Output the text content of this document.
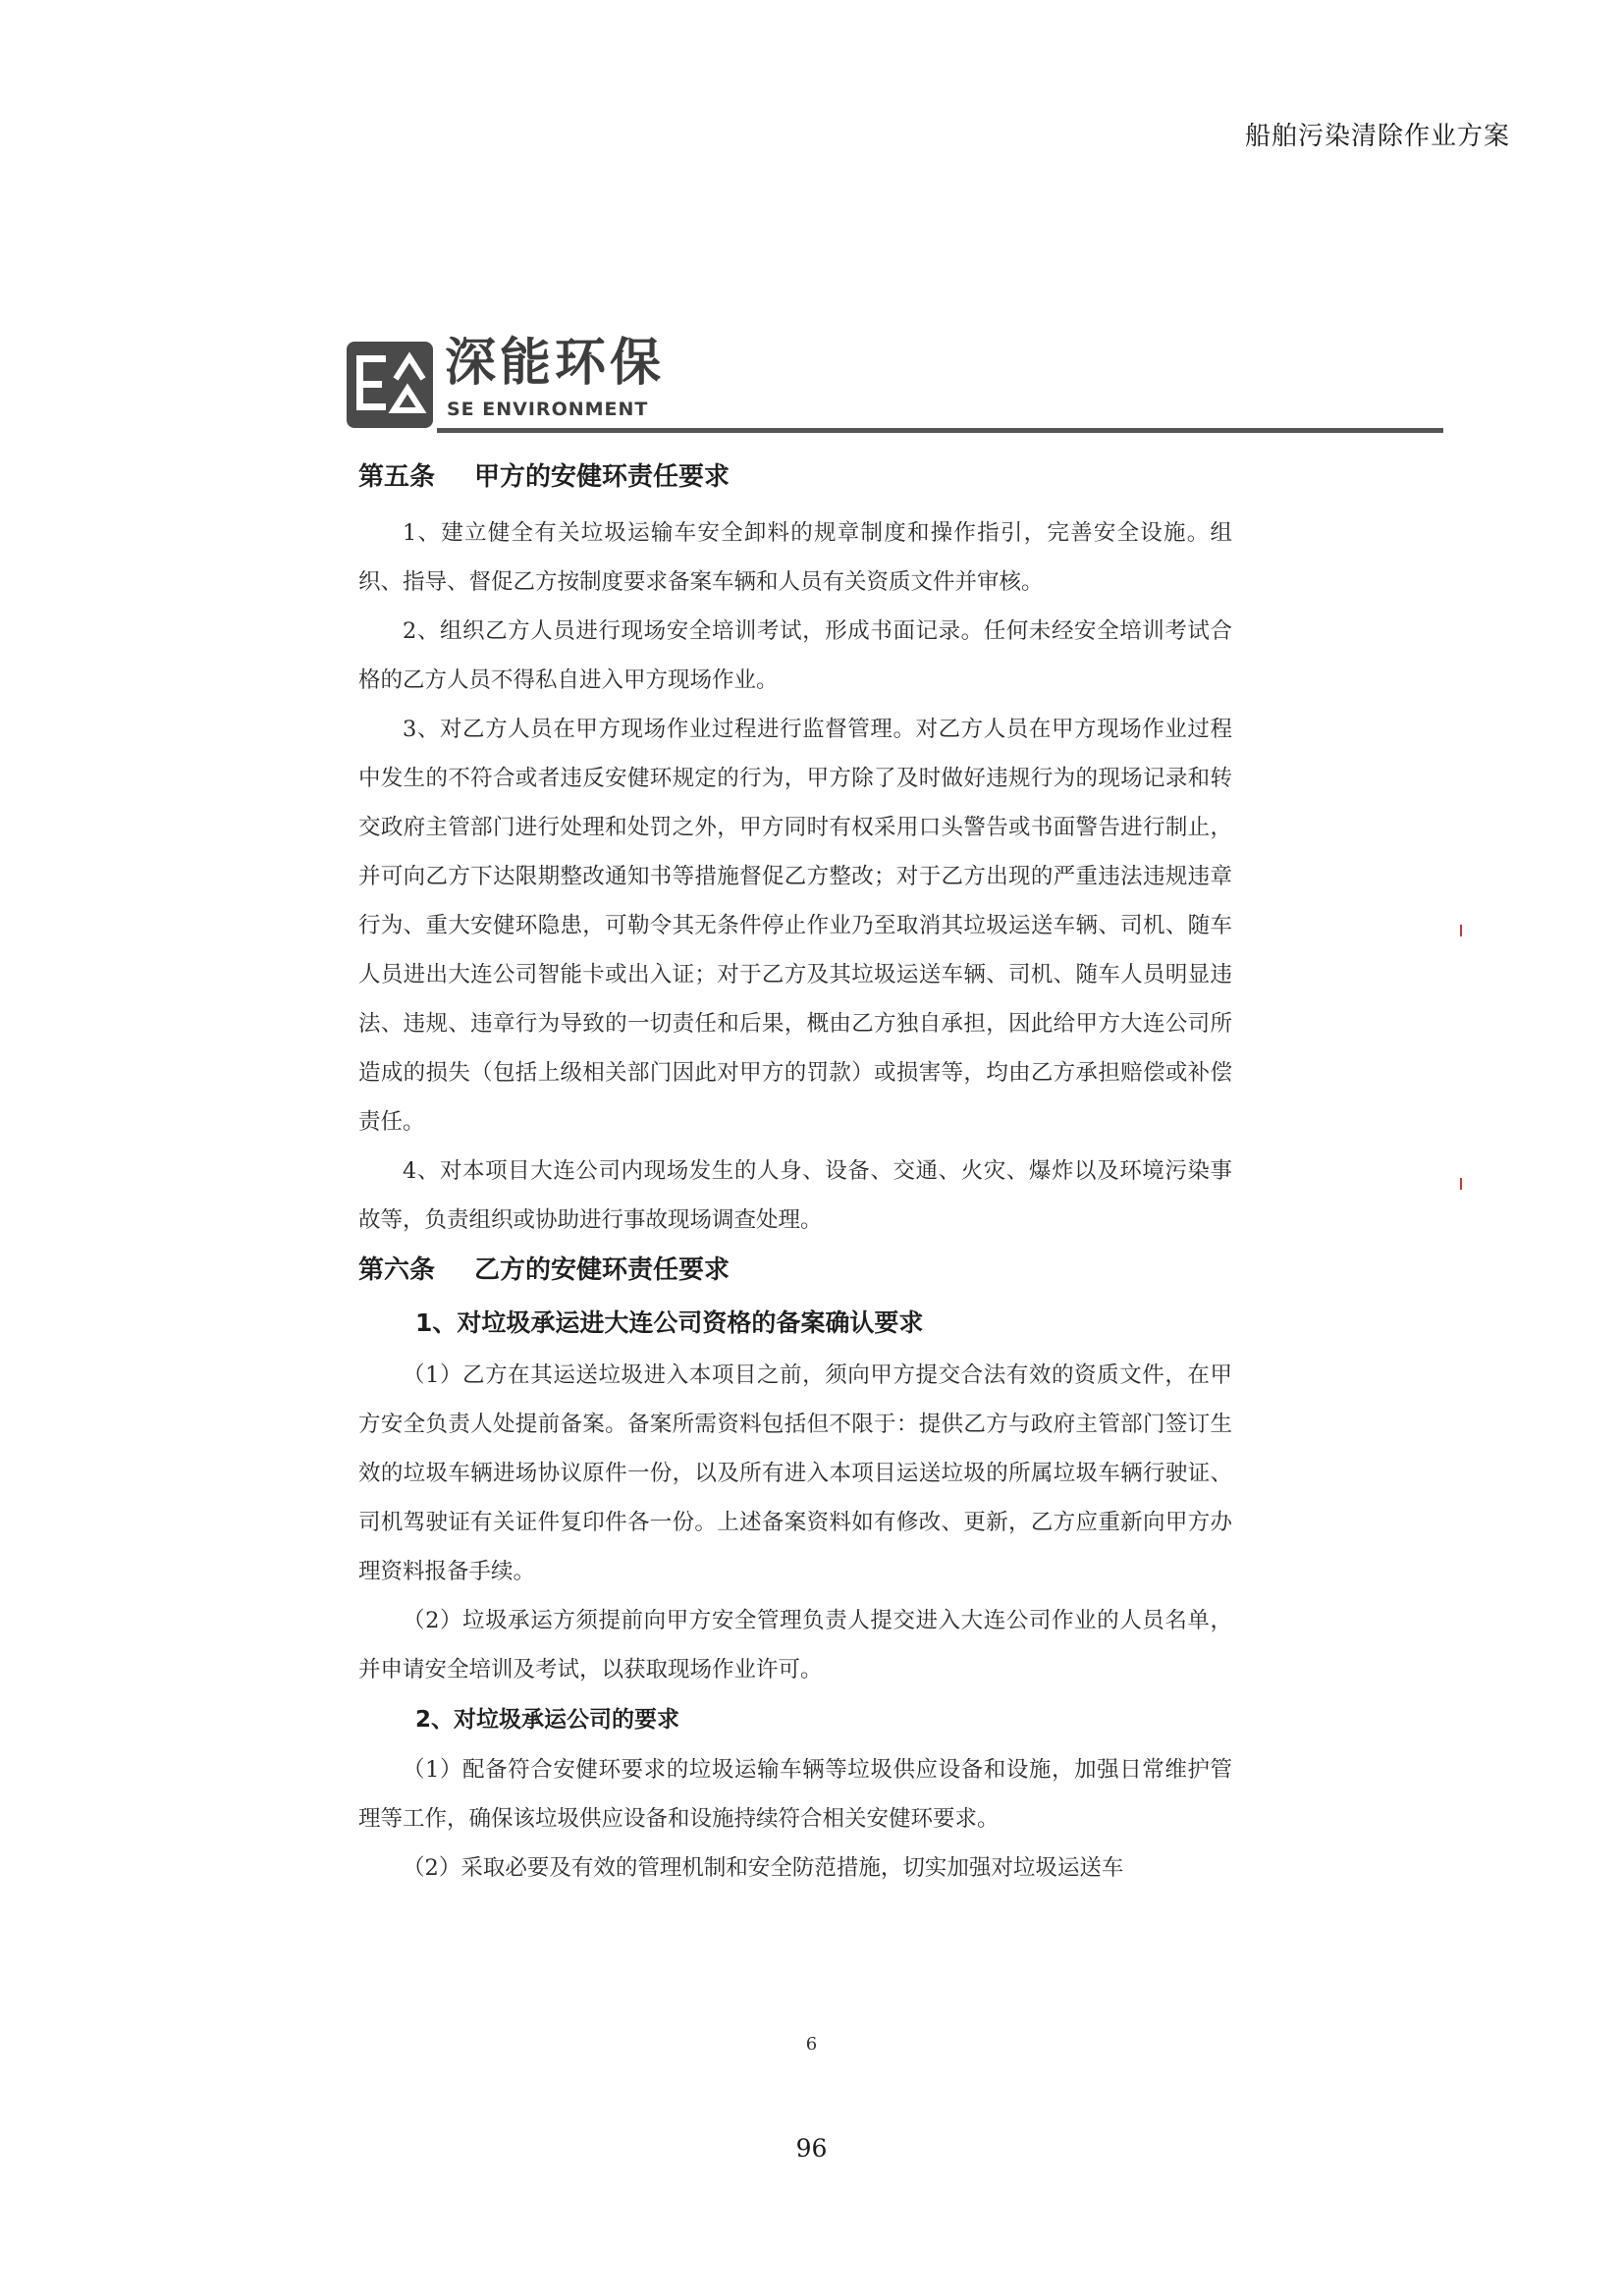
船舶污染清除作业方案
深能环保
SE ENVIRONMENT
第五条 甲方的安健环责任要求

1、建立健全有关垃圾运输车安全卸料的规章制度和操作指引，完善安全设施。组织、指导、督促乙方按制度要求备案车辆和人员有关资质文件并审核。

2、组织乙方人员进行现场安全培训考试，形成书面记录。任何未经安全培训考试合格的乙方人员不得私自进入甲方现场作业。

3、对乙方人员在甲方现场作业过程进行监督管理。对乙方人员在甲方现场作业过程中发生的不符合或者违反安健环规定的行为，甲方除了及时做好违规行为的现场记录和转交政府主管部门进行处理和处罚之外，甲方同时有权采用口头警告或书面警告进行制止，并可向乙方下达限期整改通知书等措施督促乙方整改；对于乙方出现的严重违法违规违章行为、重大安健环隐患，可勒令其无条件停止作业乃至取消其垃圾运送车辆、司机、随车人员进出大连公司智能卡或出入证；对于乙方及其垃圾运送车辆、司机、随车人员明显违法、违规、违章行为导致的一切责任和后果，概由乙方独自承担，因此给甲方大连公司所造成的损失（包括上级相关部门因此对甲方的罚款）或损害等，均由乙方承担赔偿或补偿责任。

4、对本项目大连公司内现场发生的人身、设备、交通、火灾、爆炸以及环境污染事故等，负责组织或协助进行事故现场调查处理。

第六条 乙方的安健环责任要求
1、对垃圾承运进大连公司资格的备案确认要求

（1）乙方在其运送垃圾进入本项目之前，须向甲方提交合法有效的资质文件，在甲方安全负责人处提前备案。备案所需资料包括但不限于：提供乙方与政府主管部门签订生效的垃圾车辆进场协议原件一份，以及所有进入本项目运送垃圾的所属垃圾车辆行驶证、司机驾驶证有关证件复印件各一份。上述备案资料如有修改、更新，乙方应重新向甲方办理资料报备手续。

（2）垃圾承运方须提前向甲方安全管理负责人提交进入大连公司作业的人员名单，并申请安全培训及考试，以获取现场作业许可。

2、对垃圾承运公司的要求

（1）配备符合安健环要求的垃圾运输车辆等垃圾供应设备和设施，加强日常维护管理等工作，确保该垃圾供应设备和设施持续符合相关安健环要求。

（2）采取必要及有效的管理机制和安全防范措施，切实加强对垃圾运送车

6
96
